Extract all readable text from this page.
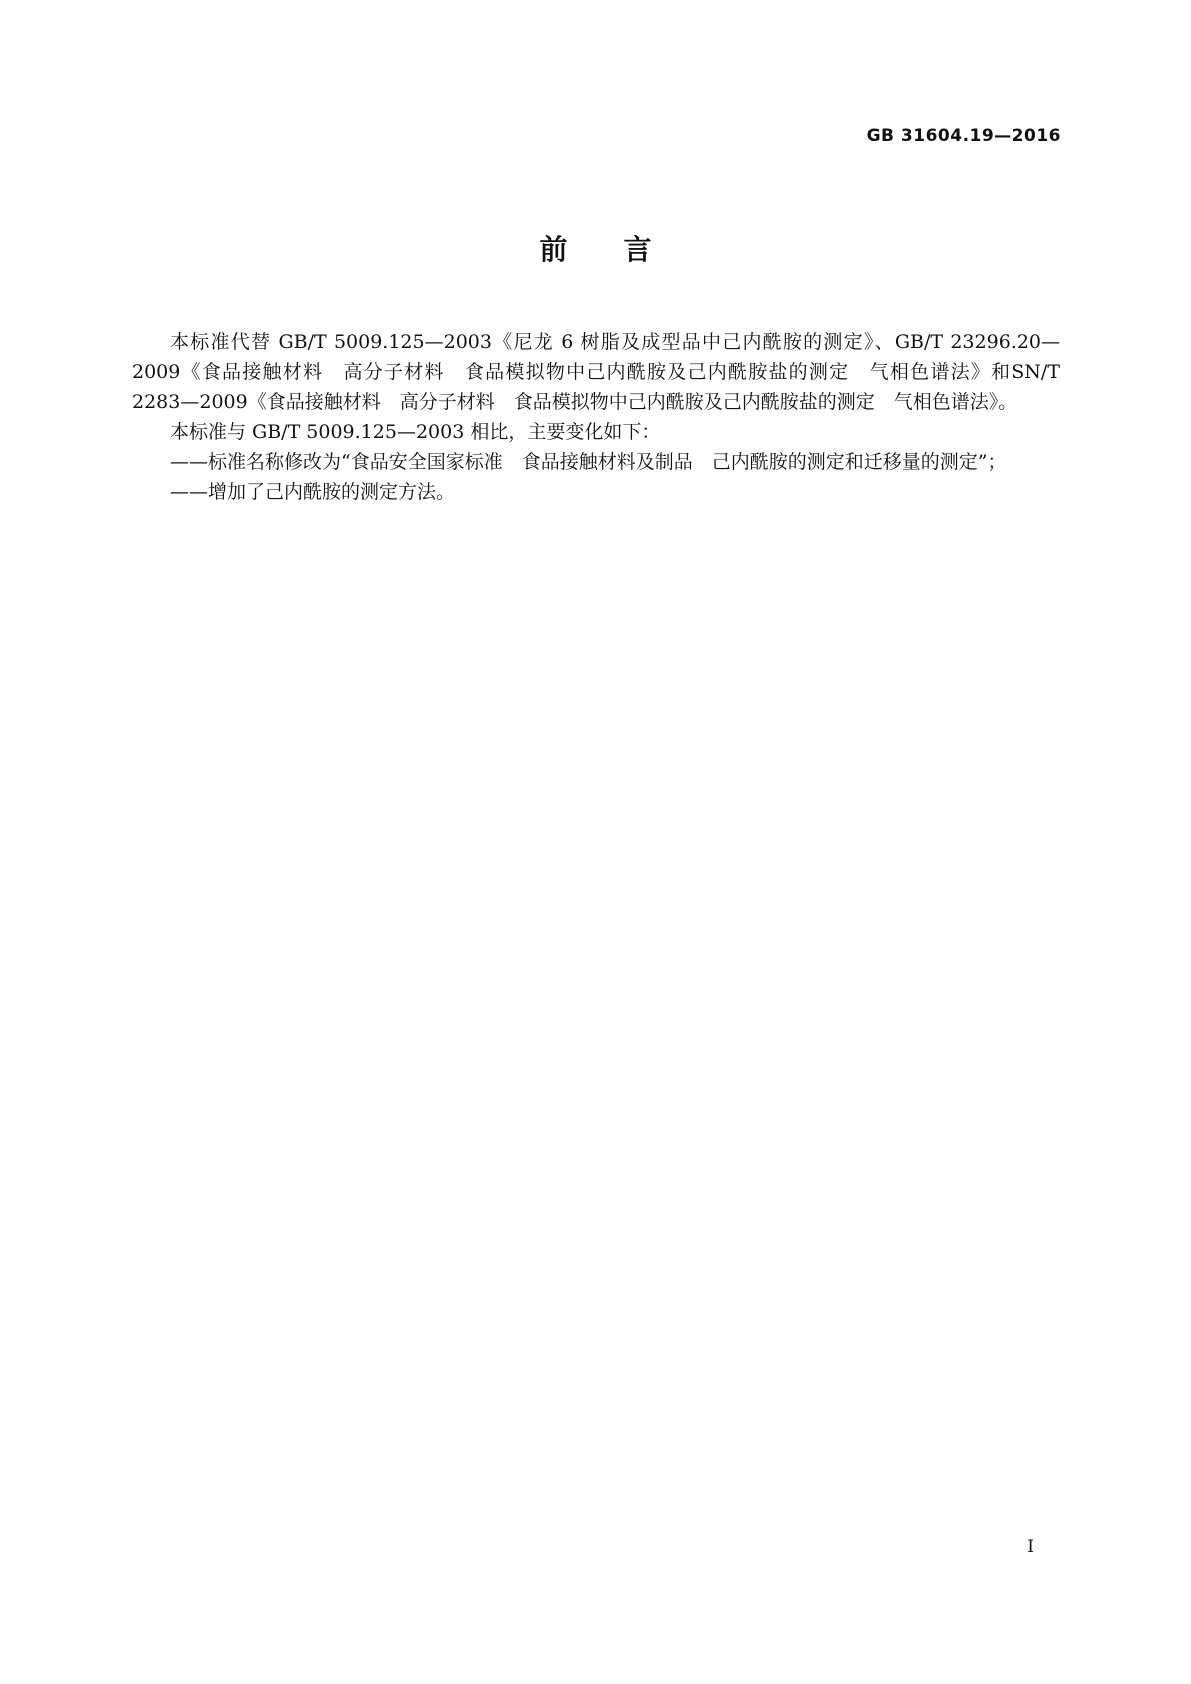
GB 31604.19—2016
前言

本标准代替 GB/T 5009.125—2003《尼龙 6 树脂及成型品中己内酰胺的测定》、GB/T 23296.20—2009《食品接触材料　高分子材料　食品模拟物中己内酰胺及己内酰胺盐的测定　气相色谱法》和SN/T 2283—2009《食品接触材料　高分子材料　食品模拟物中己内酰胺及己内酰胺盐的测定　气相色谱法》。

本标准与 GB/T 5009.125—2003 相比，主要变化如下：

——标准名称修改为“食品安全国家标准　食品接触材料及制品　己内酰胺的测定和迁移量的测定”；

——增加了己内酰胺的测定方法。

I
